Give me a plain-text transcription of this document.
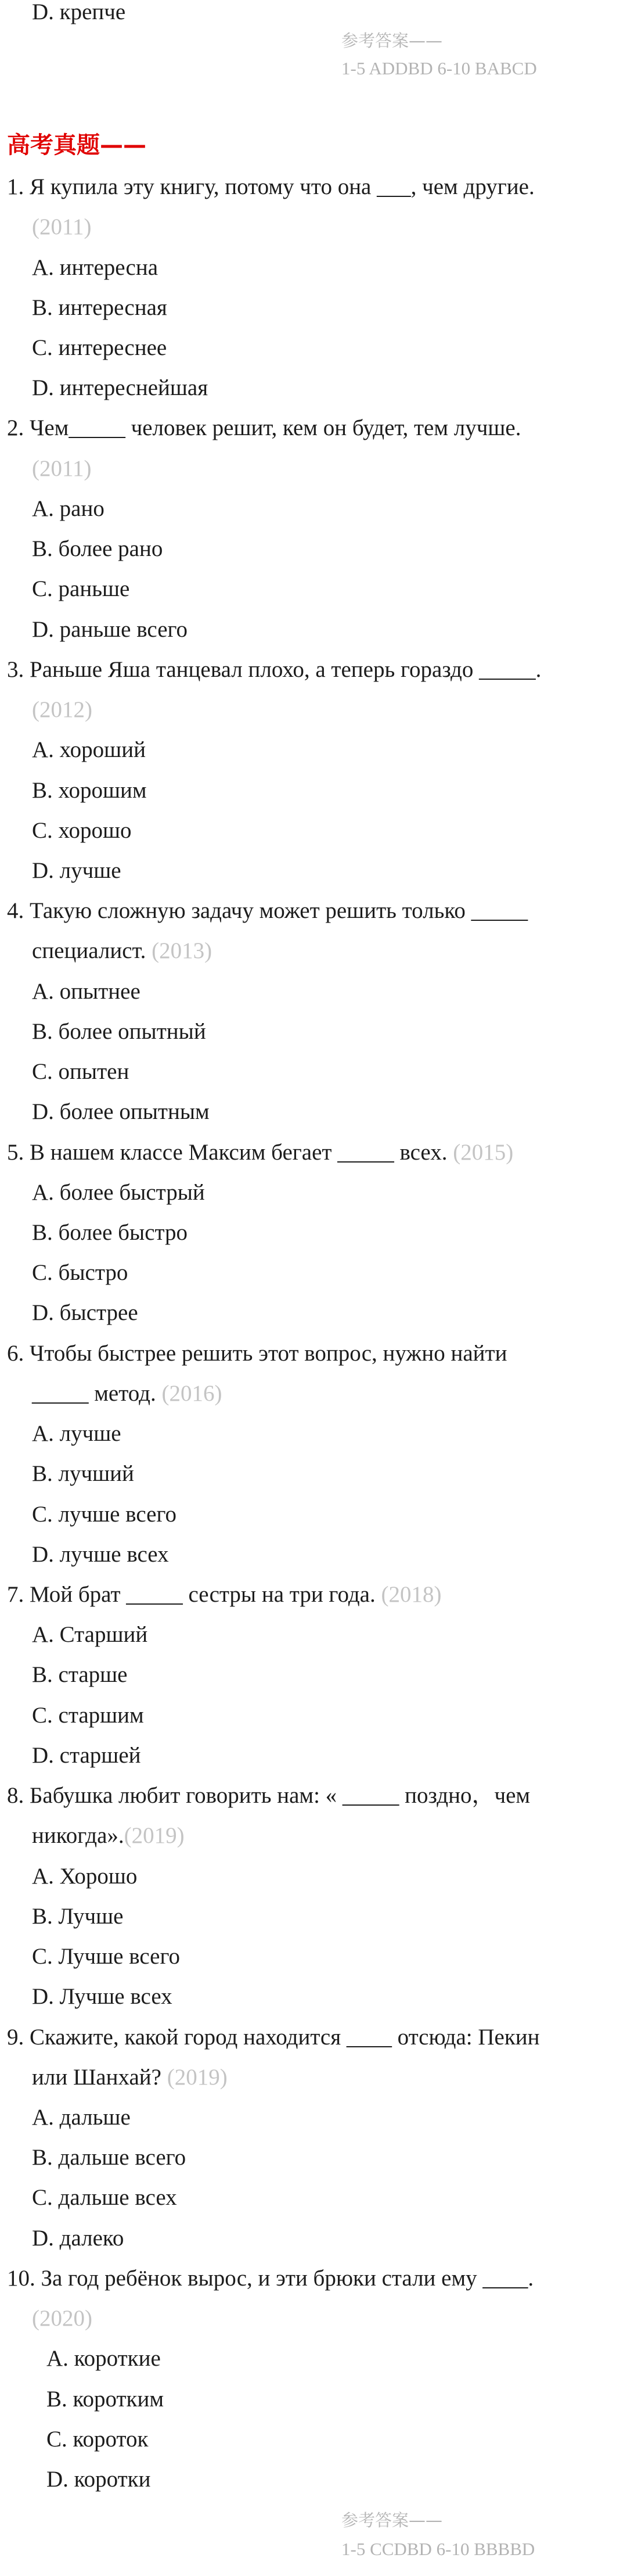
D. крепче
参考答案——
1-5 ADDBD 6-10 BABCD
高考真题——
1. Я купила эту книгу, потому что она ___, чем другие.
(2011)
A. интересна
B. интересная
C. интереснее
D. интереснейшая
2. Чем_____ человек решит, кем он будет, тем лучше.
(2011)
A. рано
B. более рано
C. раньше
D. раньше всего
3. Раньше Яша танцевал плохо, а теперь гораздо _____.
(2012)
A. хороший
B. хорошим
C. хорошо
D. лучше
4. Такую сложную задачу может решить только _____
специалист. (2013)
A. опытнее
B. более опытный
C. опытен
D. более опытным
5. В нашем классе Максим бегает _____ всех. (2015)
A. более быстрый
B. более быстро
C. быстро
D. быстрее
6. Чтобы быстрее решить этот вопрос, нужно найти
_____ метод. (2016)
A. лучше
B. лучший
C. лучше всего
D. лучше всех
7. Мой брат _____ сестры на три года. (2018)
A. Старший
B. старше
C. старшим
D. старшей
8. Бабушка любит говорить нам: « _____ поздно，чем
никогда».(2019)
A. Хорошо
B. Лучше
C. Лучше всего
D. Лучше всех
9. Скажите, какой город находится ____ отсюда: Пекин
или Шанхай? (2019)
A. дальше
B. дальше всего
C. дальше всех
D. далеко
10. За год ребёнок вырос, и эти брюки стали ему ____.
(2020)
A. короткие
B. коротким
C. короток
D. коротки
参考答案——
1-5 CCDBD 6-10 BBBBD
